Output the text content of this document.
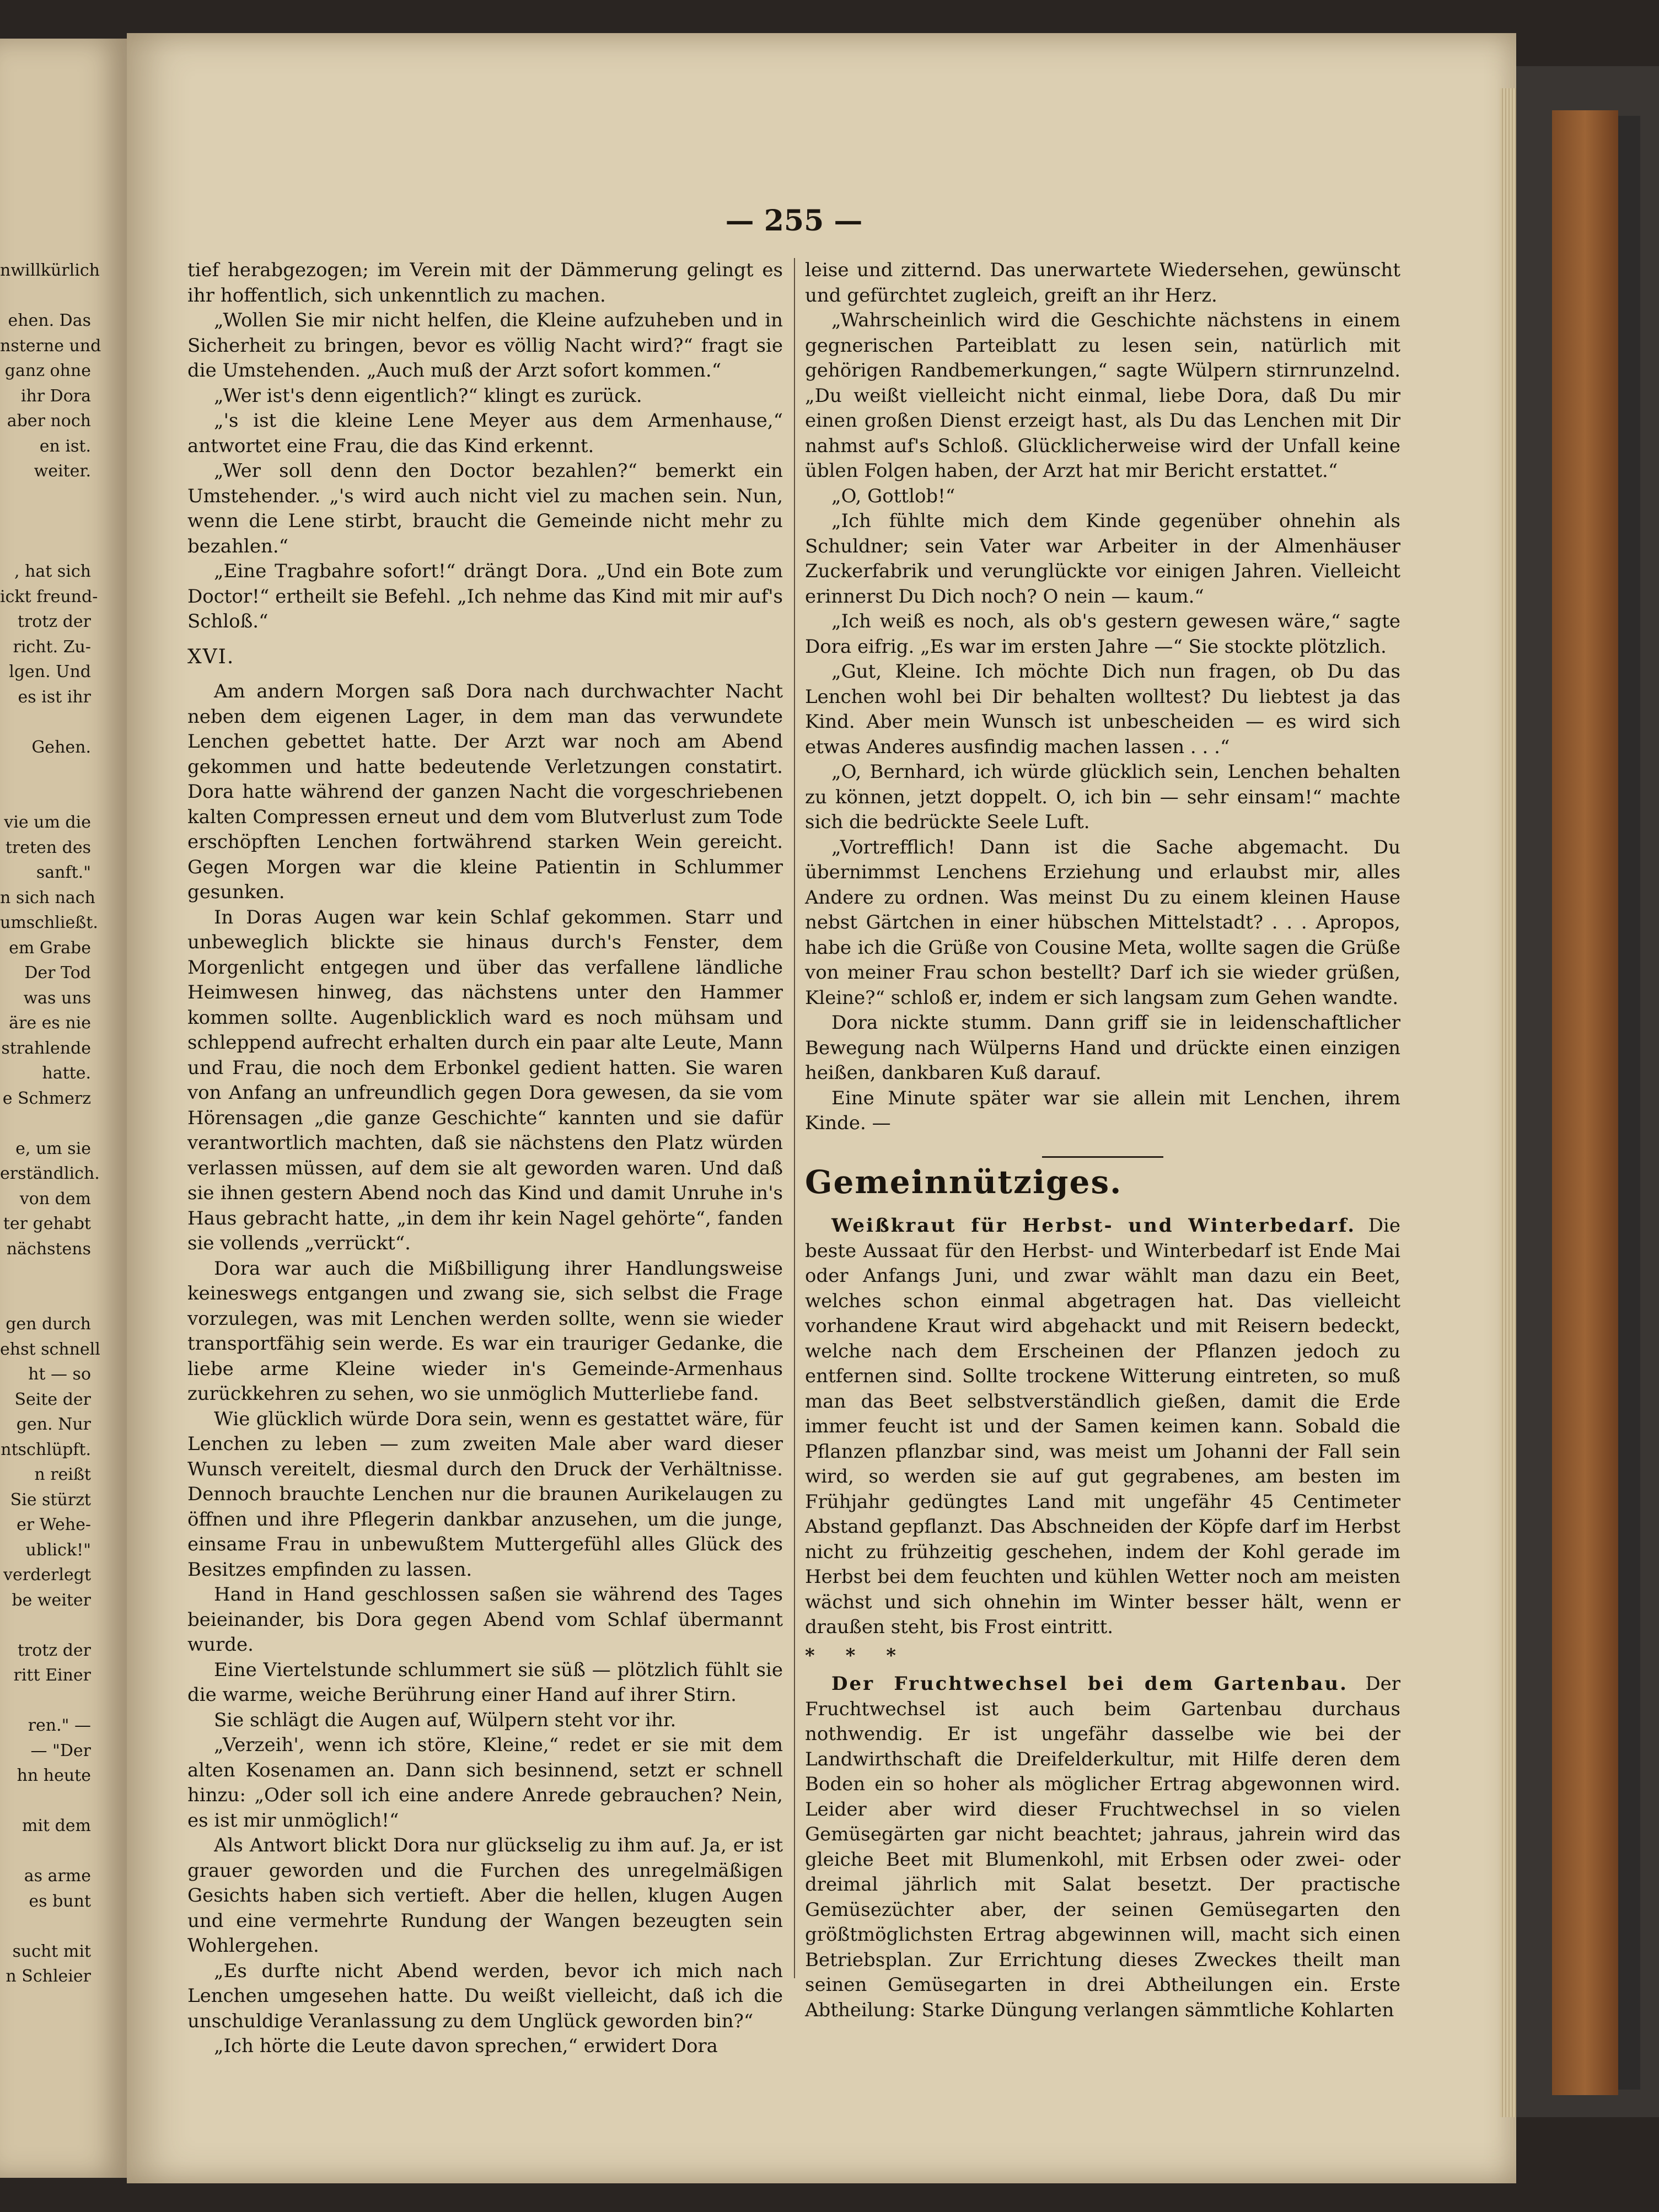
— 255 —

nwillkürlich

ehen. Das

nsterne und

ganz ohne

ihr Dora

aber noch

en ist.

weiter.

, hat sich

ickt freund-

trotz der

richt. Zu-

lgen. Und

es ist ihr

Gehen.

vie um die

treten des

sanft."

n sich nach

umschließt.

em Grabe

Der Tod

was uns

äre es nie

strahlende

hatte.

e Schmerz

e, um sie

erständlich.

von dem

ter gehabt

nächstens

gen durch

ehst schnell

ht — so

Seite der

gen. Nur

ntschlüpft.

n reißt

Sie stürzt

er Wehe-

ublick!"

verderlegt

be weiter

trotz der

ritt Einer

ren." —

— "Der

hn heute

mit dem

as arme

es bunt

sucht mit

n Schleier

tief herabgezogen; im Verein mit der Dämmerung gelingt es ihr hoffentlich, sich unkenntlich zu machen.

„Wollen Sie mir nicht helfen, die Kleine aufzuheben und in Sicherheit zu bringen, bevor es völlig Nacht wird?“ fragt sie die Umstehenden. „Auch muß der Arzt sofort kommen.“

„Wer ist's denn eigentlich?“ klingt es zurück.

„'s ist die kleine Lene Meyer aus dem Armenhause,“ antwortet eine Frau, die das Kind erkennt.

„Wer soll denn den Doctor bezahlen?“ bemerkt ein Umstehender. „'s wird auch nicht viel zu machen sein. Nun, wenn die Lene stirbt, braucht die Gemeinde nicht mehr zu bezahlen.“

„Eine Tragbahre sofort!“ drängt Dora. „Und ein Bote zum Doctor!“ ertheilt sie Befehl. „Ich nehme das Kind mit mir auf's Schloß.“

XVI.

Am andern Morgen saß Dora nach durchwachter Nacht neben dem eigenen Lager, in dem man das verwundete Lenchen gebettet hatte. Der Arzt war noch am Abend gekommen und hatte bedeutende Verletzungen constatirt. Dora hatte während der ganzen Nacht die vorgeschriebenen kalten Compressen erneut und dem vom Blutverlust zum Tode erschöpften Lenchen fortwährend starken Wein gereicht. Gegen Morgen war die kleine Patientin in Schlummer gesunken.

In Doras Augen war kein Schlaf gekommen. Starr und unbeweglich blickte sie hinaus durch's Fenster, dem Morgenlicht entgegen und über das verfallene ländliche Heimwesen hinweg, das nächstens unter den Hammer kommen sollte. Augenblicklich ward es noch mühsam und schleppend aufrecht erhalten durch ein paar alte Leute, Mann und Frau, die noch dem Erbonkel gedient hatten. Sie waren von Anfang an unfreundlich gegen Dora gewesen, da sie vom Hörensagen „die ganze Geschichte“ kannten und sie dafür verantwortlich machten, daß sie nächstens den Platz würden verlassen müssen, auf dem sie alt geworden waren. Und daß sie ihnen gestern Abend noch das Kind und damit Unruhe in's Haus gebracht hatte, „in dem ihr kein Nagel gehörte“, fanden sie vollends „verrückt“.

Dora war auch die Mißbilligung ihrer Handlungsweise keineswegs entgangen und zwang sie, sich selbst die Frage vorzulegen, was mit Lenchen werden sollte, wenn sie wieder transportfähig sein werde. Es war ein trauriger Gedanke, die liebe arme Kleine wieder in's Gemeinde-Armenhaus zurückkehren zu sehen, wo sie unmöglich Mutterliebe fand.

Wie glücklich würde Dora sein, wenn es gestattet wäre, für Lenchen zu leben — zum zweiten Male aber ward dieser Wunsch vereitelt, diesmal durch den Druck der Verhältnisse. Dennoch brauchte Lenchen nur die braunen Aurikelaugen zu öffnen und ihre Pflegerin dankbar anzusehen, um die junge, einsame Frau in unbewußtem Muttergefühl alles Glück des Besitzes empfinden zu lassen.

Hand in Hand geschlossen saßen sie während des Tages beieinander, bis Dora gegen Abend vom Schlaf übermannt wurde.

Eine Viertelstunde schlummert sie süß — plötzlich fühlt sie die warme, weiche Berührung einer Hand auf ihrer Stirn.

Sie schlägt die Augen auf, Wülpern steht vor ihr.

„Verzeih', wenn ich störe, Kleine,“ redet er sie mit dem alten Kosenamen an. Dann sich besinnend, setzt er schnell hinzu: „Oder soll ich eine andere Anrede gebrauchen? Nein, es ist mir unmöglich!“

Als Antwort blickt Dora nur glückselig zu ihm auf. Ja, er ist grauer geworden und die Furchen des unregelmäßigen Gesichts haben sich vertieft. Aber die hellen, klugen Augen und eine vermehrte Rundung der Wangen bezeugten sein Wohlergehen.

„Es durfte nicht Abend werden, bevor ich mich nach Lenchen umgesehen hatte. Du weißt vielleicht, daß ich die unschuldige Veranlassung zu dem Unglück geworden bin?“

„Ich hörte die Leute davon sprechen,“ erwidert Dora

leise und zitternd. Das unerwartete Wiedersehen, gewünscht und gefürchtet zugleich, greift an ihr Herz.

„Wahrscheinlich wird die Geschichte nächstens in einem gegnerischen Parteiblatt zu lesen sein, natürlich mit gehörigen Randbemerkungen,“ sagte Wülpern stirnrunzelnd. „Du weißt vielleicht nicht einmal, liebe Dora, daß Du mir einen großen Dienst erzeigt hast, als Du das Lenchen mit Dir nahmst auf's Schloß. Glücklicherweise wird der Unfall keine üblen Folgen haben, der Arzt hat mir Bericht erstattet.“

„O, Gottlob!“

„Ich fühlte mich dem Kinde gegenüber ohnehin als Schuldner; sein Vater war Arbeiter in der Almenhäuser Zuckerfabrik und verunglückte vor einigen Jahren. Vielleicht erinnerst Du Dich noch? O nein — kaum.“

„Ich weiß es noch, als ob's gestern gewesen wäre,“ sagte Dora eifrig. „Es war im ersten Jahre —“ Sie stockte plötzlich.

„Gut, Kleine. Ich möchte Dich nun fragen, ob Du das Lenchen wohl bei Dir behalten wolltest? Du liebtest ja das Kind. Aber mein Wunsch ist unbescheiden — es wird sich etwas Anderes ausfindig machen lassen . . .“

„O, Bernhard, ich würde glücklich sein, Lenchen behalten zu können, jetzt doppelt. O, ich bin — sehr einsam!“ machte sich die bedrückte Seele Luft.

„Vortrefflich! Dann ist die Sache abgemacht. Du übernimmst Lenchens Erziehung und erlaubst mir, alles Andere zu ordnen. Was meinst Du zu einem kleinen Hause nebst Gärtchen in einer hübschen Mittelstadt? . . . Apropos, habe ich die Grüße von Cousine Meta, wollte sagen die Grüße von meiner Frau schon bestellt? Darf ich sie wieder grüßen, Kleine?“ schloß er, indem er sich langsam zum Gehen wandte.

Dora nickte stumm. Dann griff sie in leidenschaftlicher Bewegung nach Wülperns Hand und drückte einen einzigen heißen, dankbaren Kuß darauf.

Eine Minute später war sie allein mit Lenchen, ihrem Kinde. —

Gemeinnütziges.

Weißkraut für Herbst- und Winterbedarf. Die beste Aussaat für den Herbst- und Winterbedarf ist Ende Mai oder Anfangs Juni, und zwar wählt man dazu ein Beet, welches schon einmal abgetragen hat. Das vielleicht vorhandene Kraut wird abgehackt und mit Reisern bedeckt, welche nach dem Erscheinen der Pflanzen jedoch zu entfernen sind. Sollte trockene Witterung eintreten, so muß man das Beet selbstverständlich gießen, damit die Erde immer feucht ist und der Samen keimen kann. Sobald die Pflanzen pflanzbar sind, was meist um Johanni der Fall sein wird, so werden sie auf gut gegrabenes, am besten im Frühjahr gedüngtes Land mit ungefähr 45 Centimeter Abstand gepflanzt. Das Abschneiden der Köpfe darf im Herbst nicht zu frühzeitig geschehen, indem der Kohl gerade im Herbst bei dem feuchten und kühlen Wetter noch am meisten wächst und sich ohnehin im Winter besser hält, wenn er draußen steht, bis Frost eintritt.

* * *

Der Fruchtwechsel bei dem Gartenbau. Der Fruchtwechsel ist auch beim Gartenbau durchaus nothwendig. Er ist ungefähr dasselbe wie bei der Landwirthschaft die Dreifelderkultur, mit Hilfe deren dem Boden ein so hoher als möglicher Ertrag abgewonnen wird. Leider aber wird dieser Fruchtwechsel in so vielen Gemüsegärten gar nicht beachtet; jahraus, jahrein wird das gleiche Beet mit Blumenkohl, mit Erbsen oder zwei- oder dreimal jährlich mit Salat besetzt. Der practische Gemüsezüchter aber, der seinen Gemüsegarten den größtmöglichsten Ertrag abgewinnen will, macht sich einen Betriebsplan. Zur Errichtung dieses Zweckes theilt man seinen Gemüsegarten in drei Abtheilungen ein. Erste Abtheilung: Starke Düngung verlangen sämmtliche Kohlarten
